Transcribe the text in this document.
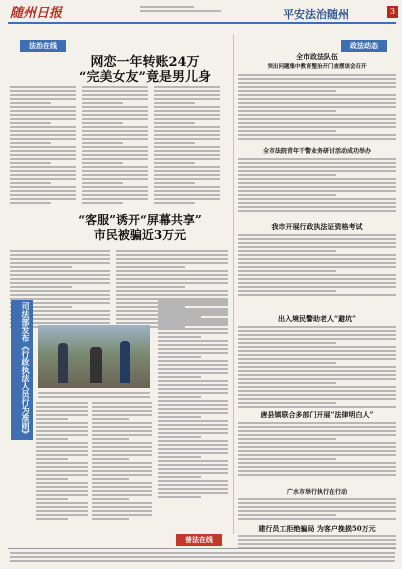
随州日报	平安法治随州	3
法治在线	政法动态
网恋一年转账24万
“完美女友”竟是男儿身
“客服”诱开“屏幕共享”
市民被骗近3万元
司法部发布《行政执法人员行为准则》
全市政法队伍
突出问题集中教育整治开门查摆该会召开
全市法院青年干警业务研讨活动成功举办
我市开展行政执法证资格考试
出入境民警助老人“避坑”
唐县镇联合多部门开展“法律明白人”
广水市举行执行在行动
建行员工拒绝骗局 为客户挽损50万元
普法在线
